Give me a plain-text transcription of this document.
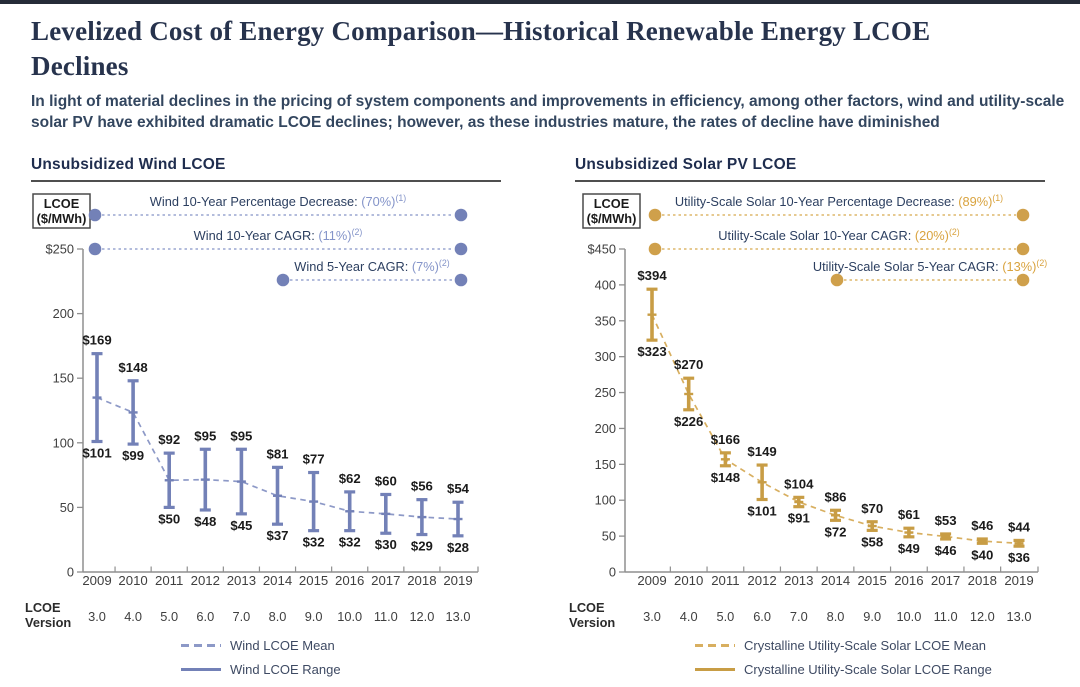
Levelized Cost of Energy Comparison—Historical Renewable Energy LCOE Declines

In light of material declines in the pricing of system components and improvements in efficiency, among other factors, wind and utility-scale solar PV have exhibited dramatic LCOE declines; however, as these industries mature, the rates of decline have diminished

Unsubsidized Wind LCOE
LCOE
($/MWh)
Wind 10-Year Percentage Decrease: $(70\%)^{(1)}$
Wind 10-Year CAGR: $(11\%)^{(2)}$
Wind 5-Year CAGR: $(7\%)^{(2)}$
$250
200
150
100
50
0
2009 2010 2011 2012 2013 2014 2015 2016 2017 2018 2019
LCOE
Version 3.0 4.0 5.0 6.0 7.0 8.0 9.0 10.0 11.0 12.0 13.0
$169
$101
$148
$99
$92
$50
$95
$48
$95
$45
$81
$37
$77
$32
$62
$32
$60
$30
$56
$29
$54
$28
Wind LCOE Mean
Wind LCOE Range
Unsubsidized Solar PV LCOE
LCOE
($/MWh)
Utility-Scale Solar 10-Year Percentage Decrease: $(89\%)^{(1)}$
Utility-Scale Solar 10-Year CAGR: $(20\%)^{(2)}$
Utility-Scale Solar 5-Year CAGR: $(13\%)^{(2)}$
$450
400
350
300
250
200
150
100
50
0
2009 2010 2011 2012 2013 2014 2015 2016 2017 2018 2019
LCOE
Version 3.0 4.0 5.0 6.0 7.0 8.0 9.0 10.0 11.0 12.0 13.0
$394
$323
$270
$226
$166
$148
$149
$101
$104
$91
$86
$72
$70
$58
$61
$49
$53
$46
$46
$40
$44
$36
Crystalline Utility-Scale Solar LCOE Mean
Crystalline Utility-Scale Solar LCOE Range
